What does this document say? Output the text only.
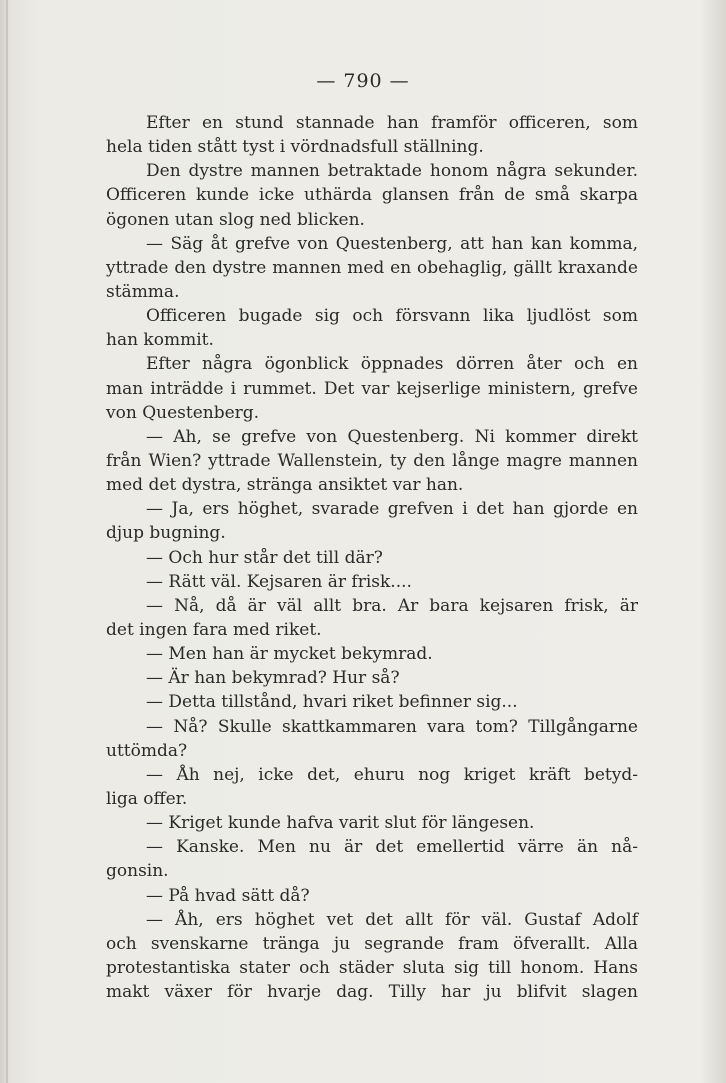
— 790 —
Efter en stund stannade han framför officeren, som
hela tiden stått tyst i vördnadsfull ställning.
Den dystre mannen betraktade honom några sekunder.
Officeren kunde icke uthärda glansen från de små skarpa
ögonen utan slog ned blicken.
— Säg åt grefve von Questenberg, att han kan komma,
yttrade den dystre mannen med en obehaglig, gällt kraxande
stämma.
Officeren bugade sig och försvann lika ljudlöst som
han kommit.
Efter några ögonblick öppnades dörren åter och en
man inträdde i rummet. Det var kejserlige ministern, grefve
von Questenberg.
— Ah, se grefve von Questenberg. Ni kommer direkt
från Wien? yttrade Wallenstein, ty den långe magre mannen
med det dystra, stränga ansiktet var han.
— Ja, ers höghet, svarade grefven i det han gjorde en
djup bugning.
— Och hur står det till där?
— Rätt väl. Kejsaren är frisk....
— Nå, då är väl allt bra. Ar bara kejsaren frisk, är
det ingen fara med riket.
— Men han är mycket bekymrad.
— Är han bekymrad? Hur så?
— Detta tillstånd, hvari riket befinner sig...
— Nå? Skulle skattkammaren vara tom? Tillgångarne
uttömda?
— Åh nej, icke det, ehuru nog kriget kräft betyd-
liga offer.
— Kriget kunde hafva varit slut för längesen.
— Kanske. Men nu är det emellertid värre än nå-
gonsin.
— På hvad sätt då?
— Åh, ers höghet vet det allt för väl. Gustaf Adolf
och svenskarne tränga ju segrande fram öfverallt. Alla
protestantiska stater och städer sluta sig till honom. Hans
makt växer för hvarje dag. Tilly har ju blifvit slagen
